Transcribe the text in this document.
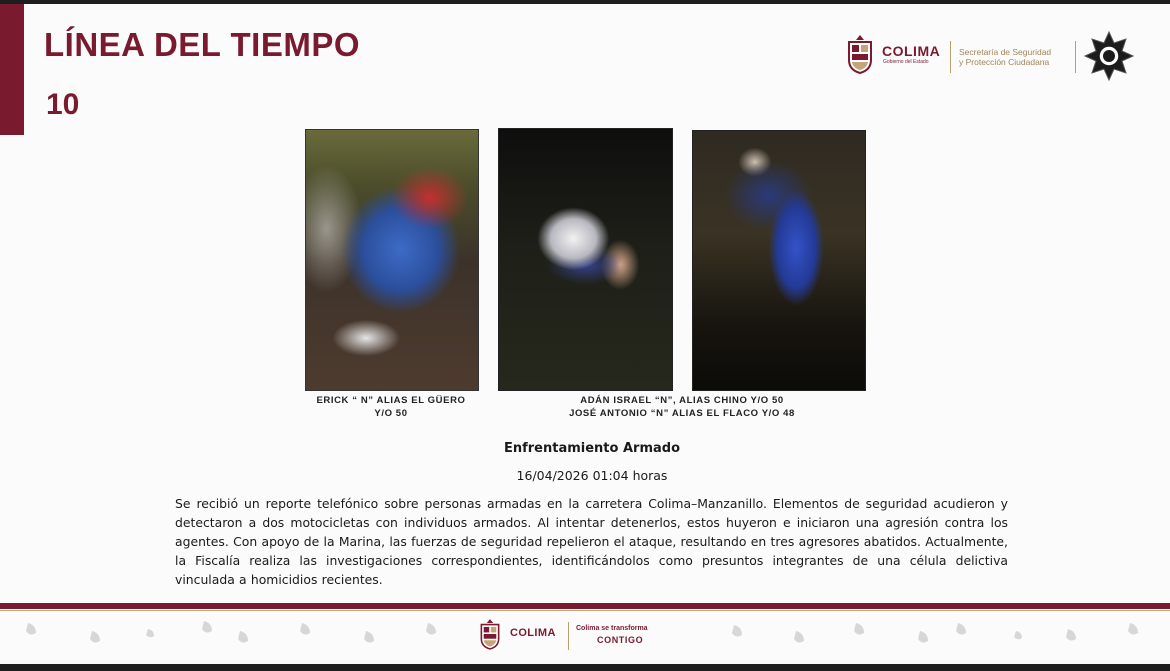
LÍNEA DEL TIEMPO
10
COLIMA
Gobierno del Estado
Secretaría de Seguridad
y Protección Ciudadana
ERICK “ N” ALIAS EL GÜERO
Y/O 50
ADÁN ISRAEL “N”, ALIAS CHINO Y/O 50
JOSÉ ANTONIO “N” ALIAS EL FLACO Y/O 48
Enfrentamiento Armado
16/04/2026 01:04 horas

Se recibió un reporte telefónico sobre personas armadas en la carretera Colima–Manzanillo. Elementos de seguridad acudieron y detectaron a dos motocicletas con individuos armados. Al intentar detenerlos, estos huyeron e iniciaron una agresión contra los agentes. Con apoyo de la Marina, las fuerzas de seguridad repelieron el ataque, resultando en tres agresores abatidos. Actualmente, la Fiscalía realiza las investigaciones correspondientes, identificándolos como presuntos integrantes de una célula delictiva vinculada a homicidios recientes.

COLIMA	Colima se transforma
CONTIGO
